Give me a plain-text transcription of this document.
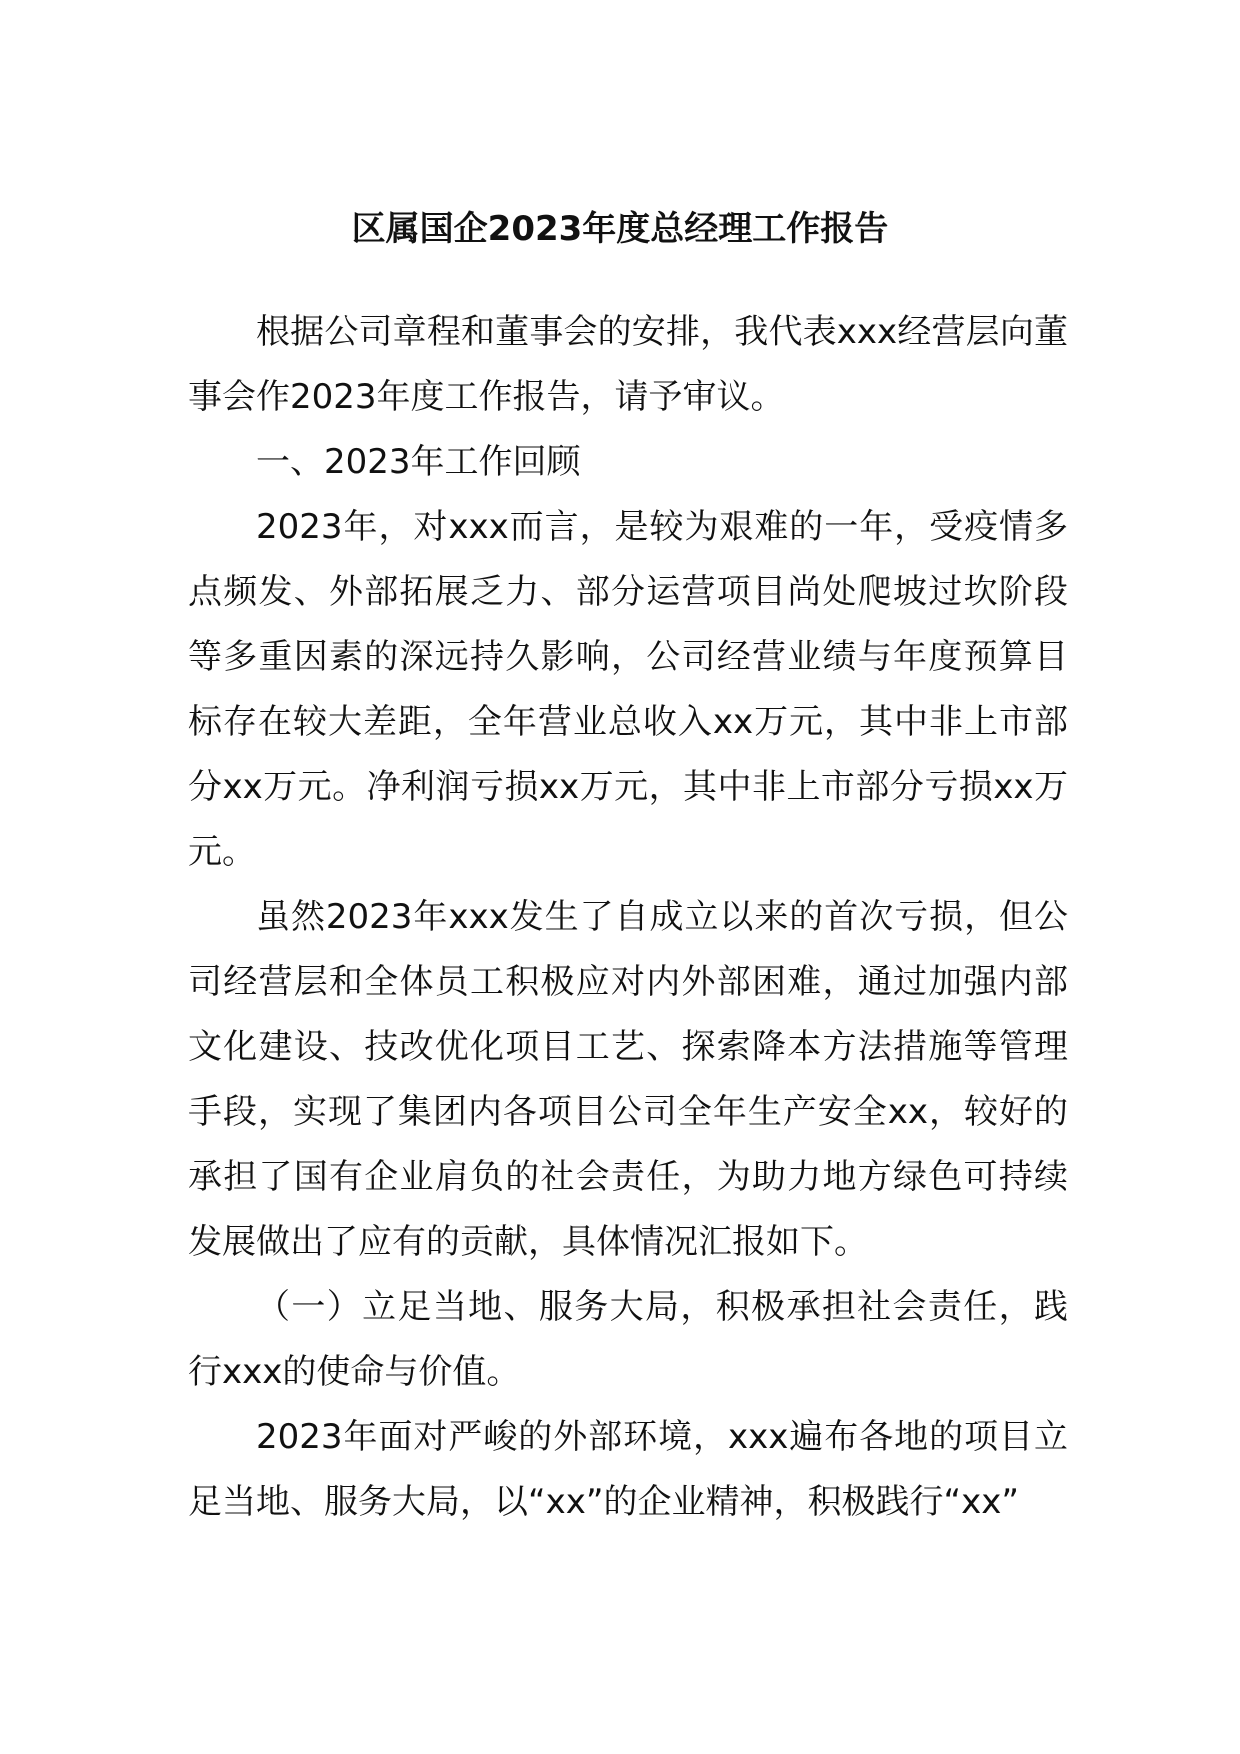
区属国企2023年度总经理工作报告

根据公司章程和董事会的安排，我代表xxx经营层向董事会作2023年度工作报告，请予审议。

一、2023年工作回顾

2023年，对xxx而言，是较为艰难的一年，受疫情多点频发、外部拓展乏力、部分运营项目尚处爬坡过坎阶段等多重因素的深远持久影响，公司经营业绩与年度预算目标存在较大差距，全年营业总收入xx万元，其中非上市部分xx万元。净利润亏损xx万元，其中非上市部分亏损xx万元。

虽然2023年xxx发生了自成立以来的首次亏损，但公司经营层和全体员工积极应对内外部困难，通过加强内部文化建设、技改优化项目工艺、探索降本方法措施等管理手段，实现了集团内各项目公司全年生产安全xx，较好的承担了国有企业肩负的社会责任，为助力地方绿色可持续发展做出了应有的贡献，具体情况汇报如下。

（一）立足当地、服务大局，积极承担社会责任，践行xxx的使命与价值。

2023年面对严峻的外部环境，xxx遍布各地的项目立足当地、服务大局，以“xx”的企业精神，积极践行“xx”
